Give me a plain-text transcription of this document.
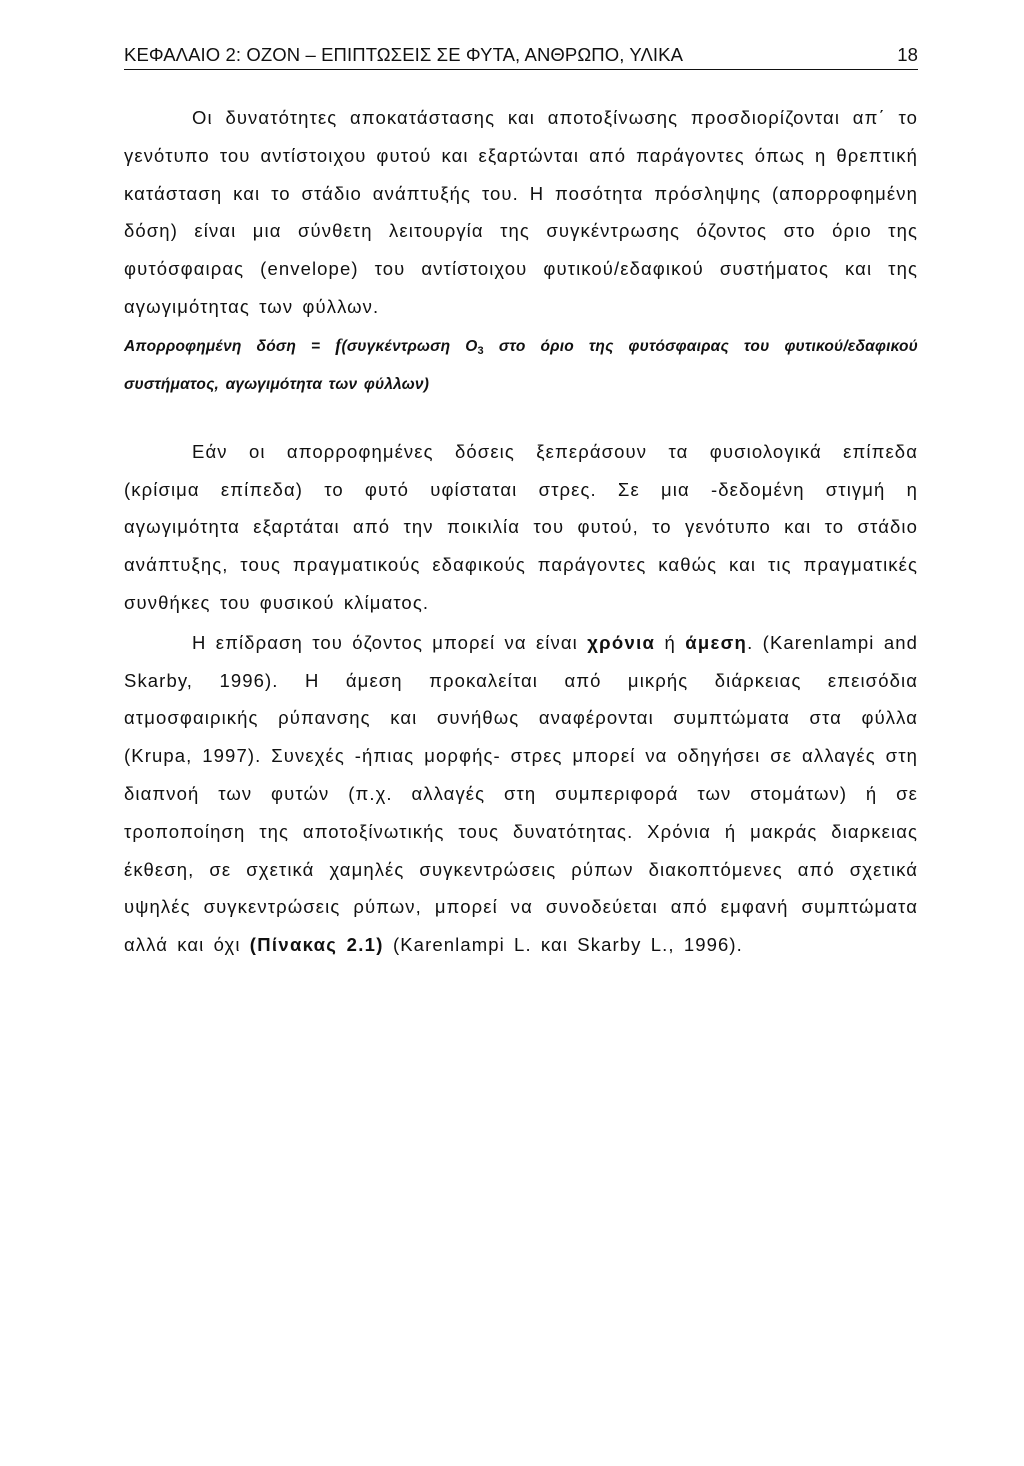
ΚΕΦΑΛΑΙΟ 2: ΟΖΟΝ – ΕΠΙΠΤΩΣΕΙΣ ΣΕ ΦΥΤΑ, ΑΝΘΡΩΠΟ, ΥΛΙΚΑ	18

Οι δυνατότητες αποκατάστασης και αποτοξίνωσης προσδιορίζονται απ΄ το γενότυπο του αντίστοιχου φυτού και εξαρτώνται από παράγοντες όπως η θρεπτική κατάσταση και το στάδιο ανάπτυξής του. Η ποσότητα πρόσληψης (απορροφημένη δόση) είναι μια σύνθετη λειτουργία της συγκέντρωσης όζοντος στο όριο της φυτόσφαιρας (envelope) του αντίστοιχου φυτικού/εδαφικού συστήματος και της αγωγιμότητας των φύλλων.

Απορροφημένη δόση = f(συγκέντρωση $O_3$ στο όριο της φυτόσφαιρας του φυτικού/εδαφικού συστήματος, αγωγιμότητα των φύλλων)

Εάν οι απορροφημένες δόσεις ξεπεράσουν τα φυσιολογικά επίπεδα (κρίσιμα επίπεδα) το φυτό υφίσταται στρες. Σε μια -δεδομένη στιγμή η αγωγιμότητα εξαρτάται από την ποικιλία του φυτού, το γενότυπο και το στάδιο ανάπτυξης, τους πραγματικούς εδαφικούς παράγοντες καθώς και τις πραγματικές συνθήκες του φυσικού κλίματος.

Η επίδραση του όζοντος μπορεί να είναι χρόνια ή άμεση. (Karenlampi and Skarby, 1996). Η άμεση προκαλείται από μικρής διάρκειας επεισόδια ατμοσφαιρικής ρύπανσης και συνήθως αναφέρονται συμπτώματα στα φύλλα (Krupa, 1997). Συνεχές -ήπιας μορφής- στρες μπορεί να οδηγήσει σε αλλαγές στη διαπνοή των φυτών (π.χ. αλλαγές στη συμπεριφορά των στομάτων) ή σε τροποποίηση της αποτοξίνωτικής τους δυνατότητας. Χρόνια ή μακράς διαρκειας έκθεση, σε σχετικά χαμηλές συγκεντρώσεις ρύπων διακοπτόμενες από σχετικά υψηλές συγκεντρώσεις ρύπων, μπορεί να συνοδεύεται από εμφανή συμπτώματα αλλά και όχι (Πίνακας 2.1) (Karenlampi L. και Skarby L., 1996).
